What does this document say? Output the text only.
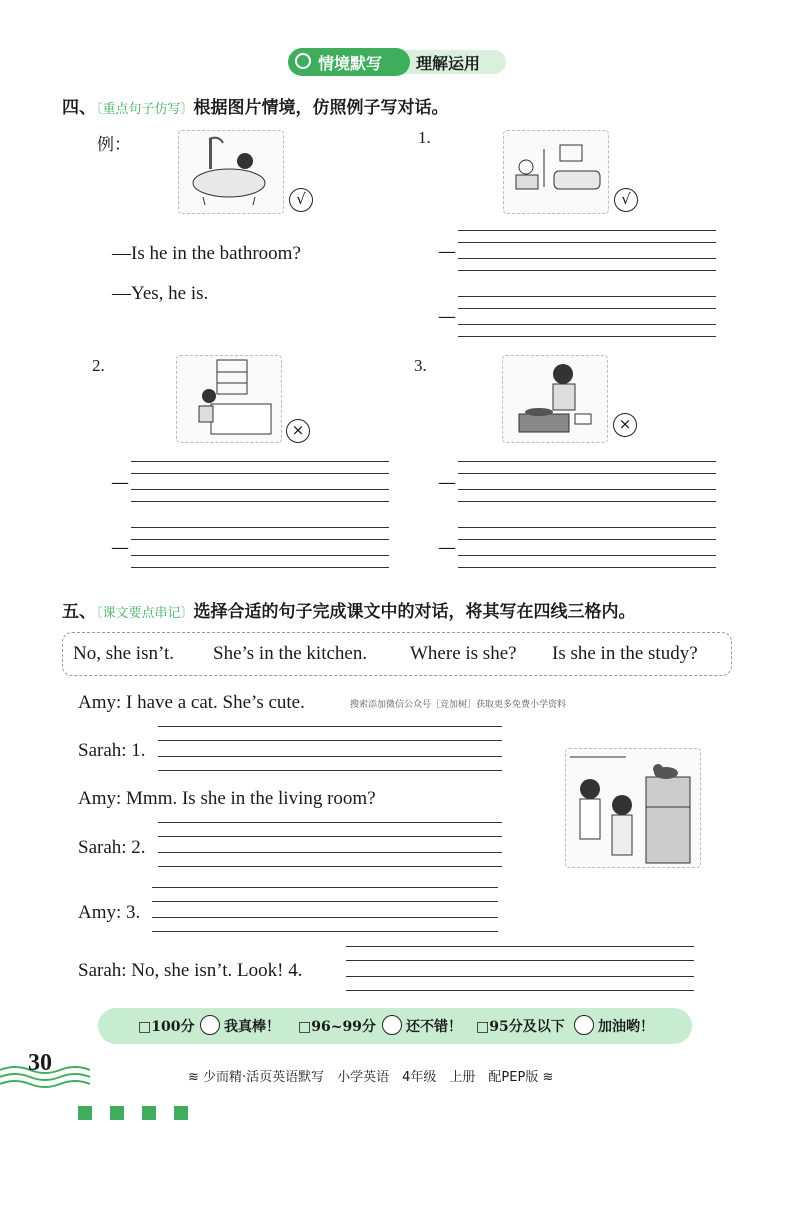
情境默写 理解运用
四、〔重点句子仿写〕根据图片情境，仿照例子写对话。
例：
√
—Is he in the bathroom?
—Yes, he is.
1.
√
—
—
2.
×
—
—
3.
×
—
—
五、〔课文要点串记〕选择合适的句子完成课文中的对话，将其写在四线三格内。
No, she isn’t. She’s in the kitchen. Where is she? Is she in the study?
Amy: I have a cat. She’s cute.	搜索添加微信公众号［竞加树］获取更多免费小学资料
Sarah: 1.
Amy: Mmm. Is she in the living room?
Sarah: 2.
Amy: 3.
Sarah: No, she isn’t. Look! 4.
□100分 我真棒！ □96~99分 还不错！ □95分及以下 加油哟！
30
≋ 少而精·活页英语默写　小学英语　4年级　上册　配PEP版 ≋
